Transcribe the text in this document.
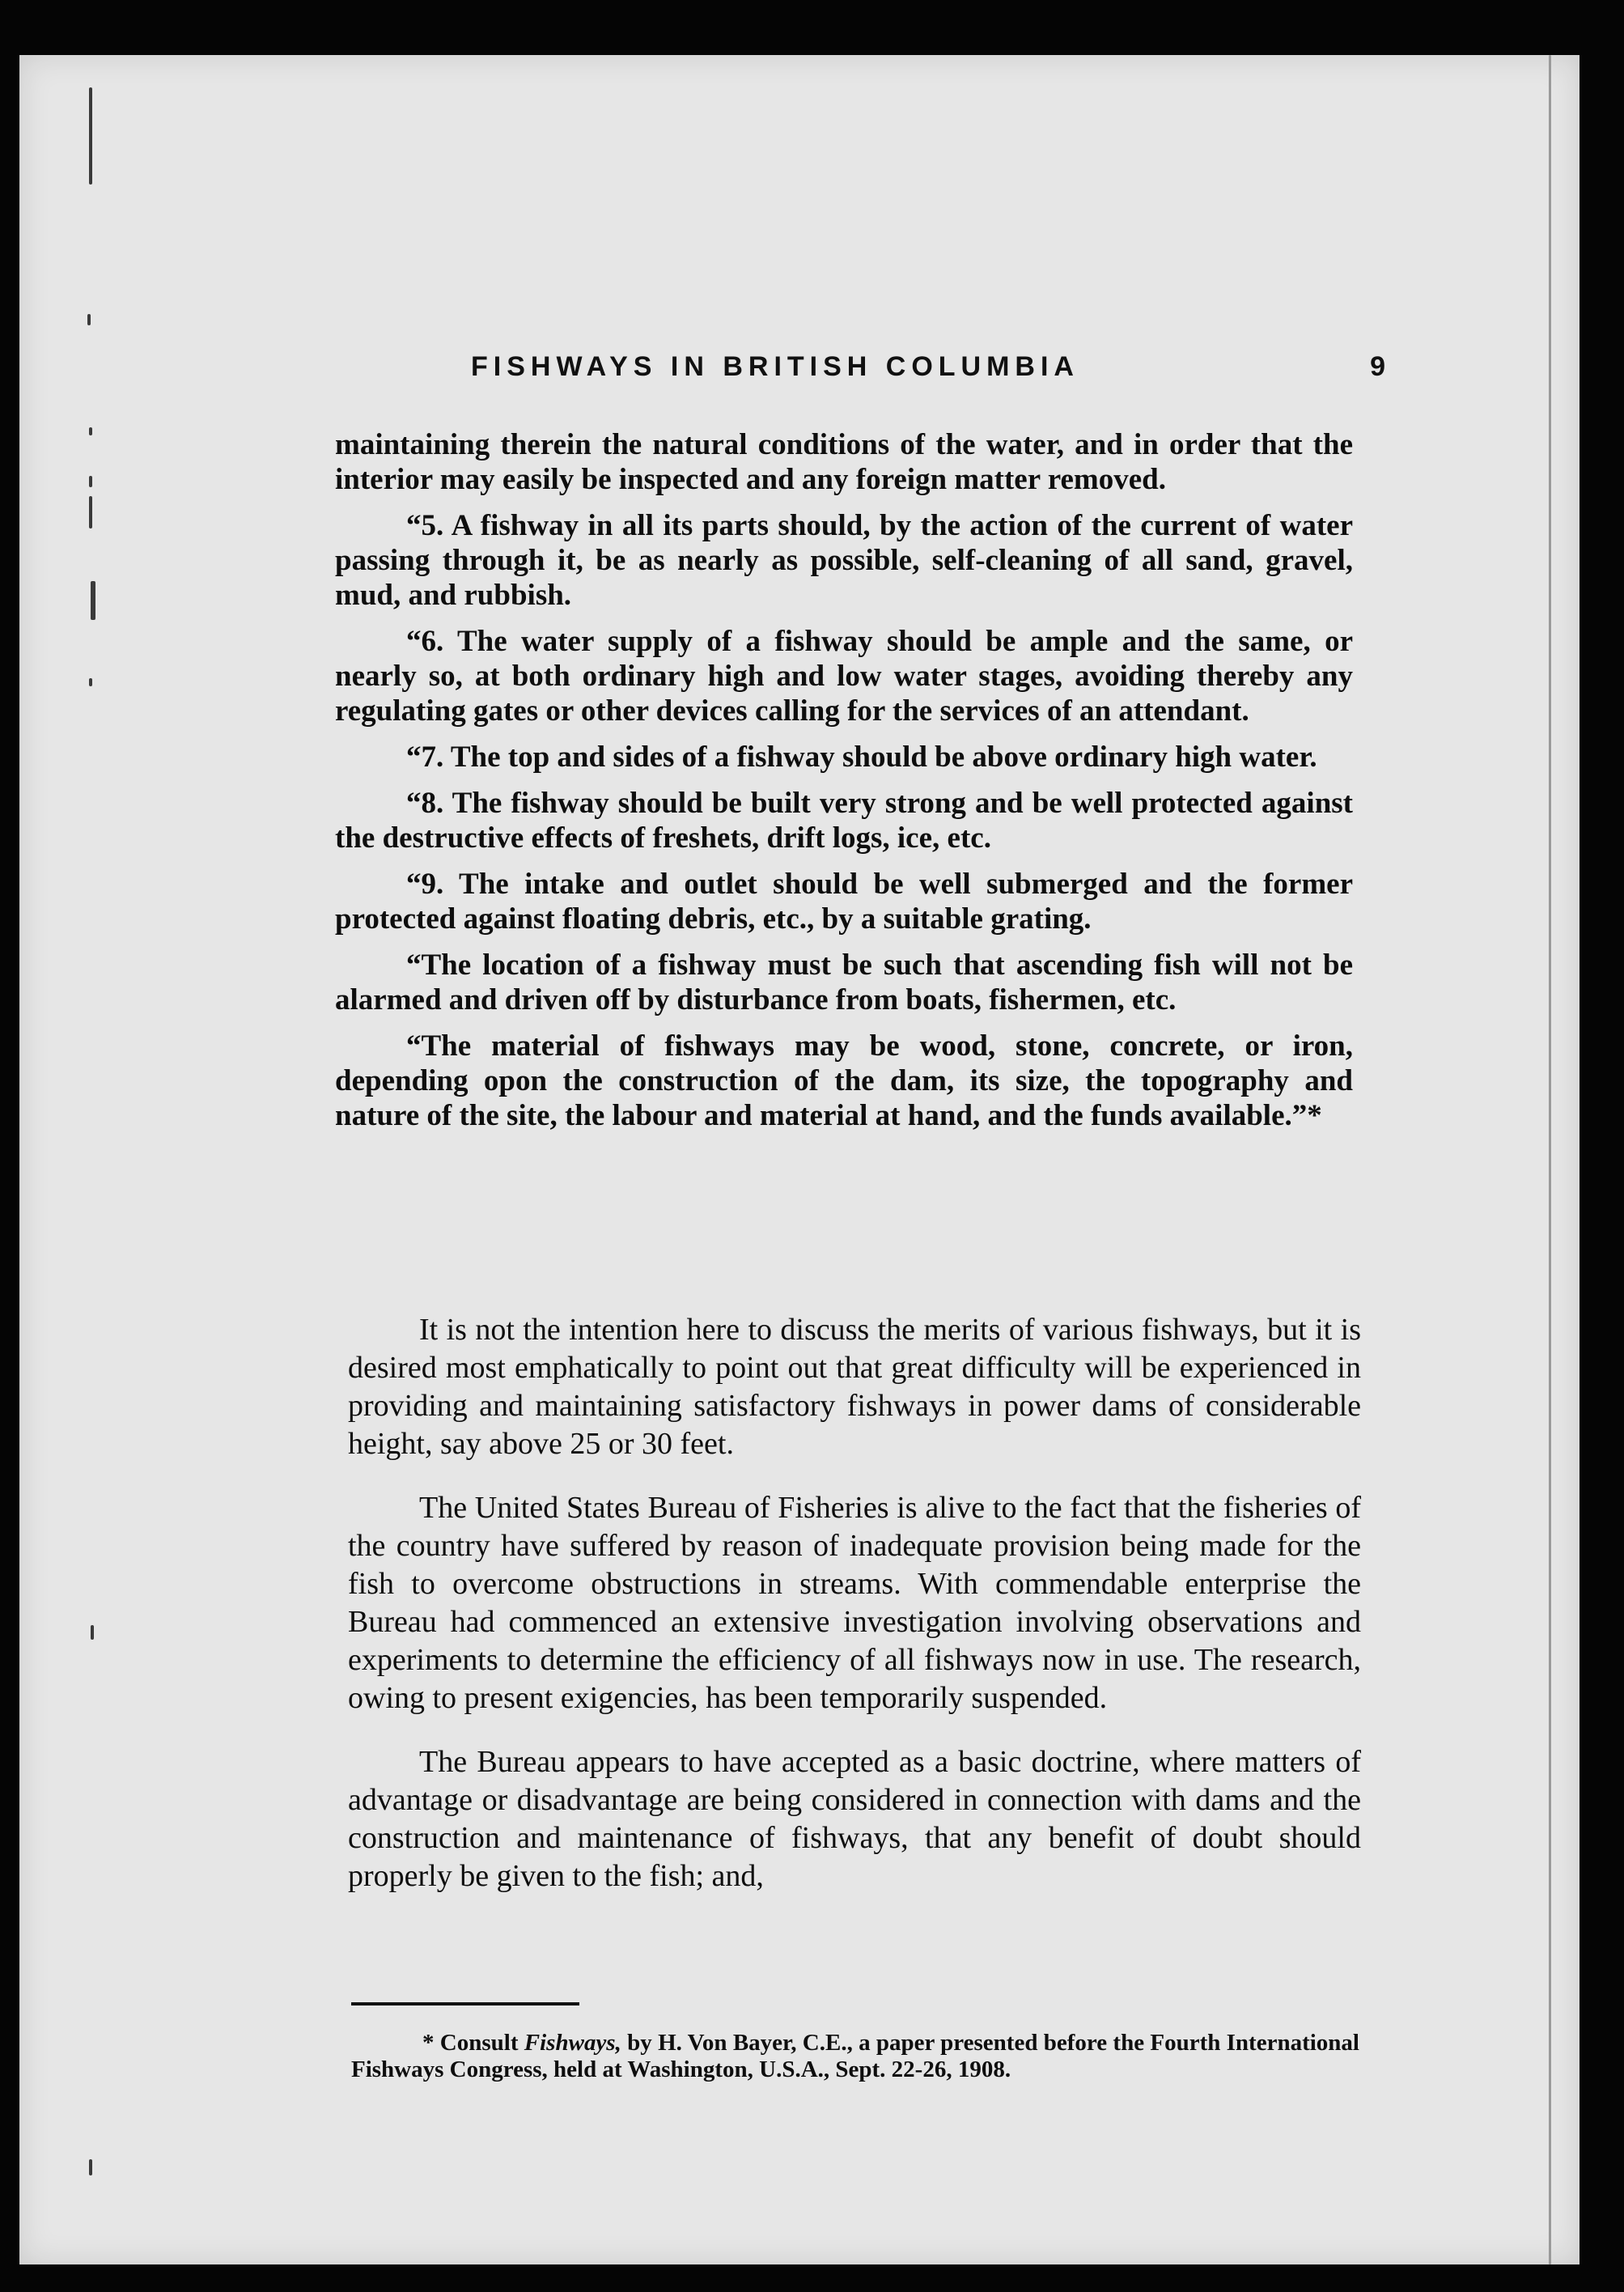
FISHWAYS IN BRITISH COLUMBIA	9

maintaining therein the natural conditions of the water, and in order that the interior may easily be inspected and any foreign matter removed.

“5. A fishway in all its parts should, by the action of the current of water passing through it, be as nearly as possible, self-cleaning of all sand, gravel, mud, and rubbish.

“6. The water supply of a fishway should be ample and the same, or nearly so, at both ordinary high and low water stages, avoiding thereby any regulating gates or other devices calling for the services of an attendant.

“7. The top and sides of a fishway should be above ordinary high water.

“8. The fishway should be built very strong and be well protected against the destructive effects of freshets, drift logs, ice, etc.

“9. The intake and outlet should be well submerged and the former protected against floating debris, etc., by a suitable grating.

“The location of a fishway must be such that ascending fish will not be alarmed and driven off by disturbance from boats, fishermen, etc.

“The material of fishways may be wood, stone, concrete, or iron, depending opon the construction of the dam, its size, the topography and nature of the site, the labour and material at hand, and the funds available.”*

It is not the intention here to discuss the merits of various fishways, but it is desired most emphatically to point out that great difficulty will be experienced in providing and maintaining satisfactory fishways in power dams of considerable height, say above 25 or 30 feet.

The United States Bureau of Fisheries is alive to the fact that the fisheries of the country have suffered by reason of inadequate provision being made for the fish to overcome obstructions in streams. With commendable enterprise the Bureau had commenced an extensive investigation involving observations and experiments to determine the efficiency of all fishways now in use. The research, owing to present exigencies, has been temporarily suspended.

The Bureau appears to have accepted as a basic doctrine, where matters of advantage or disadvantage are being considered in connection with dams and the construction and maintenance of fishways, that any benefit of doubt should properly be given to the fish; and,

* Consult Fishways, by H. Von Bayer, C.E., a paper presented before the Fourth International Fishways Congress, held at Washington, U.S.A., Sept. 22-26, 1908.
